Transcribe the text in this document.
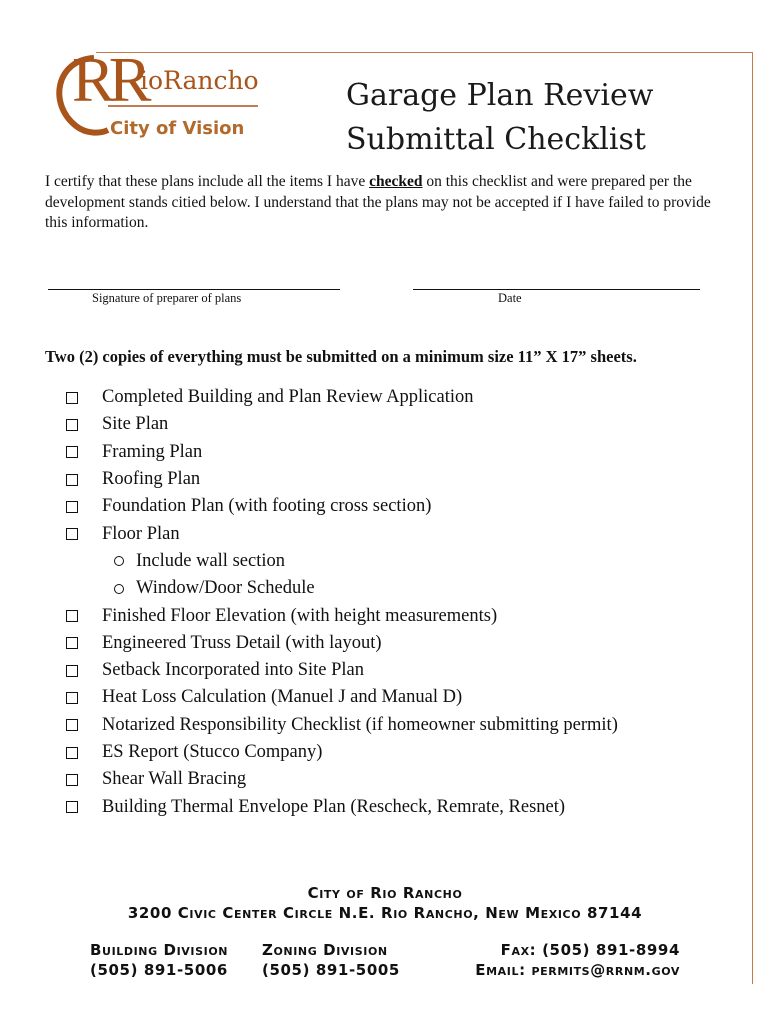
RR
ioRancho
City of Vision
Garage Plan Review
Submittal Checklist
I certify that these plans include all the items I have checked on this checklist and were prepared per the development stands citied below. I understand that the plans may not be accepted if I have failed to provide this information.
Signature of preparer of plans	Date
Two (2) copies of everything must be submitted on a minimum size 11” X 17” sheets.
Completed Building and Plan Review Application
Site Plan
Framing Plan
Roofing Plan
Foundation Plan (with footing cross section)
Floor Plan
Include wall section
Window/Door Schedule
Finished Floor Elevation (with height measurements)
Engineered Truss Detail (with layout)
Setback Incorporated into Site Plan
Heat Loss Calculation (Manuel J and Manual D)
Notarized Responsibility Checklist (if homeowner submitting permit)
ES Report (Stucco Company)
Shear Wall Bracing
Building Thermal Envelope Plan (Rescheck, Remrate, Resnet)
City of Rio Rancho
3200 Civic Center Circle N.E. Rio Rancho, New Mexico 87144
Building Division
(505) 891-5006
Zoning Division
(505) 891-5005
Fax: (505) 891-8994
Email: permits@rrnm.gov
